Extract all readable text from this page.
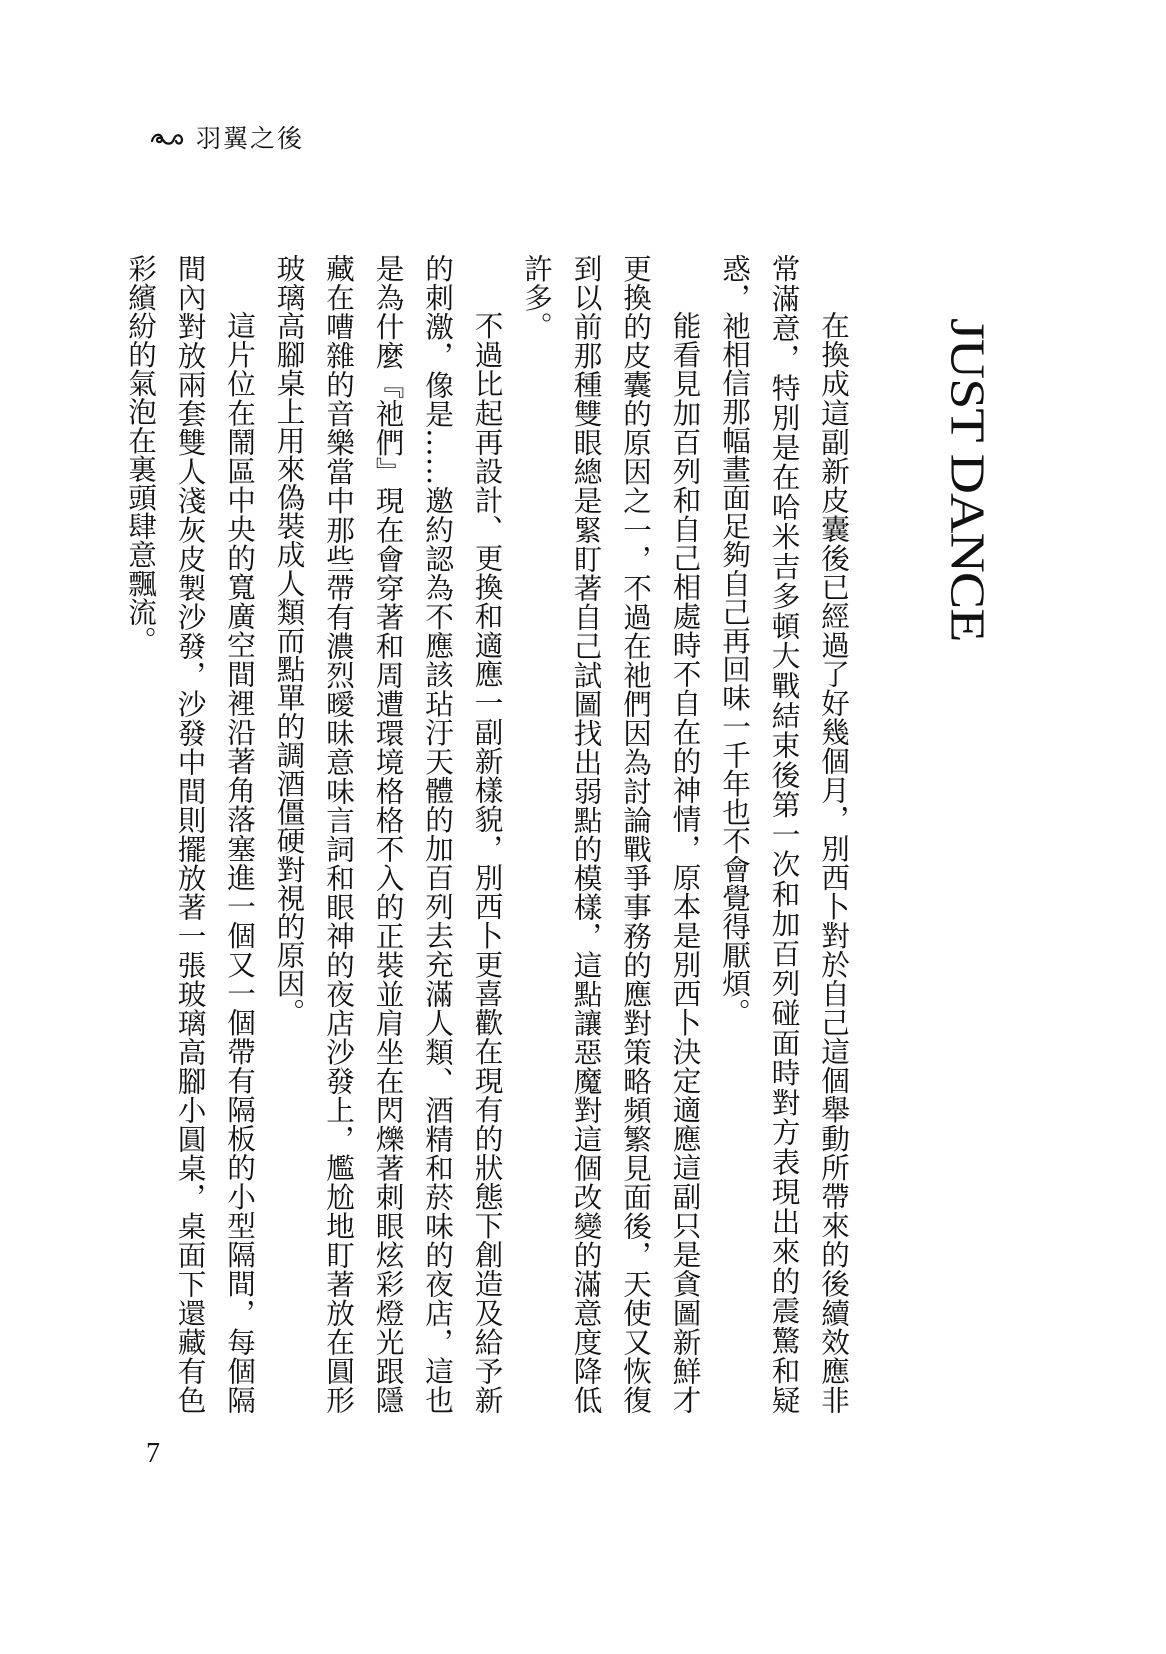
羽翼之後
JUST DANCE

在換成這副新皮囊後已經過了好幾個月，別西卜對於自己這個舉動所帶來的後續效應非常滿意，特別是在哈米吉多頓大戰結束後第一次和加百列碰面時對方表現出來的震驚和疑惑，祂相信那幅畫面足夠自己再回味一千年也不會覺得厭煩。

能看見加百列和自己相處時不自在的神情，原本是別西卜決定適應這副只是貪圖新鮮才更換的皮囊的原因之一，不過在祂們因為討論戰爭事務的應對策略頻繁見面後，天使又恢復到以前那種雙眼總是緊盯著自己試圖找出弱點的模樣，這點讓惡魔對這個改變的滿意度降低許多。

不過比起再設計、更換和適應一副新樣貌，別西卜更喜歡在現有的狀態下創造及給予新的刺激，像是……邀約認為不應該玷汙天體的加百列去充滿人類、酒精和菸味的夜店，這也是為什麼『祂們』現在會穿著和周遭環境格格不入的正裝並肩坐在閃爍著刺眼炫彩燈光跟隱藏在嘈雜的音樂當中那些帶有濃烈曖昧意味言詞和眼神的夜店沙發上，尷尬地盯著放在圓形玻璃高腳桌上用來偽裝成人類而點單的調酒僵硬對視的原因。

這片位在鬧區中央的寬廣空間裡沿著角落塞進一個又一個帶有隔板的小型隔間，每個隔間內對放兩套雙人淺灰皮製沙發，沙發中間則擺放著一張玻璃高腳小圓桌，桌面下還藏有色彩繽紛的氣泡在裏頭肆意飄流。

7
